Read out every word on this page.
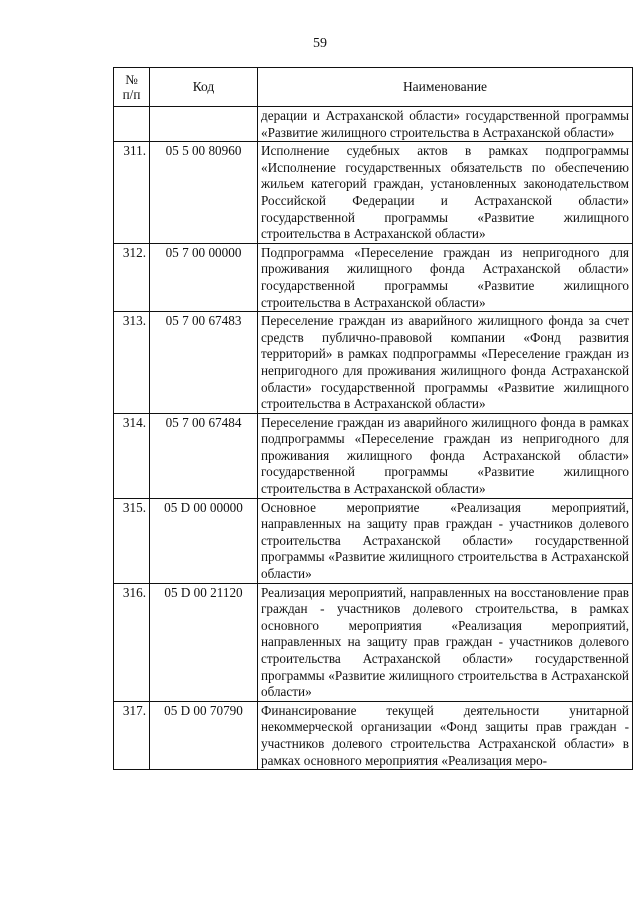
59
№
п/п	Код	Наименование
		дерации и Астраханской области» государственной программы «Развитие жилищного строительства в Астраханской области»
311.	05 5 00 80960	Исполнение судебных актов в рамках подпрограммы «Исполнение государственных обязательств по обеспечению жильем категорий граждан, установленных законодательством Российской Федерации и Астраханской области» государственной программы «Развитие жилищного строительства в Астраханской области»
312.	05 7 00 00000	Подпрограмма «Переселение граждан из непригодного для проживания жилищного фонда Астраханской области» государственной программы «Развитие жилищного строительства в Астраханской области»
313.	05 7 00 67483	Переселение граждан из аварийного жилищного фонда за счет средств публично-правовой компании «Фонд развития территорий» в рамках подпрограммы «Переселение граждан из непригодного для проживания жилищного фонда Астраханской области» государственной программы «Развитие жилищного строительства в Астраханской области»
314.	05 7 00 67484	Переселение граждан из аварийного жилищного фонда в рамках подпрограммы «Переселение граждан из непригодного для проживания жилищного фонда Астраханской области» государственной программы «Развитие жилищного строительства в Астраханской области»
315.	05 D 00 00000	Основное мероприятие «Реализация мероприятий, направленных на защиту прав граждан - участников долевого строительства Астраханской области» государственной программы «Развитие жилищного строительства в Астраханской области»
316.	05 D 00 21120	Реализация мероприятий, направленных на восстановление прав граждан - участников долевого строительства, в рамках основного мероприятия «Реализация мероприятий, направленных на защиту прав граждан - участников долевого строительства Астраханской области» государственной программы «Развитие жилищного строительства в Астраханской области»
317.	05 D 00 70790	Финансирование текущей деятельности унитарной некоммерческой организации «Фонд защиты прав граждан - участников долевого строительства Астраханской области» в рамках основного мероприятия «Реализация меро-
